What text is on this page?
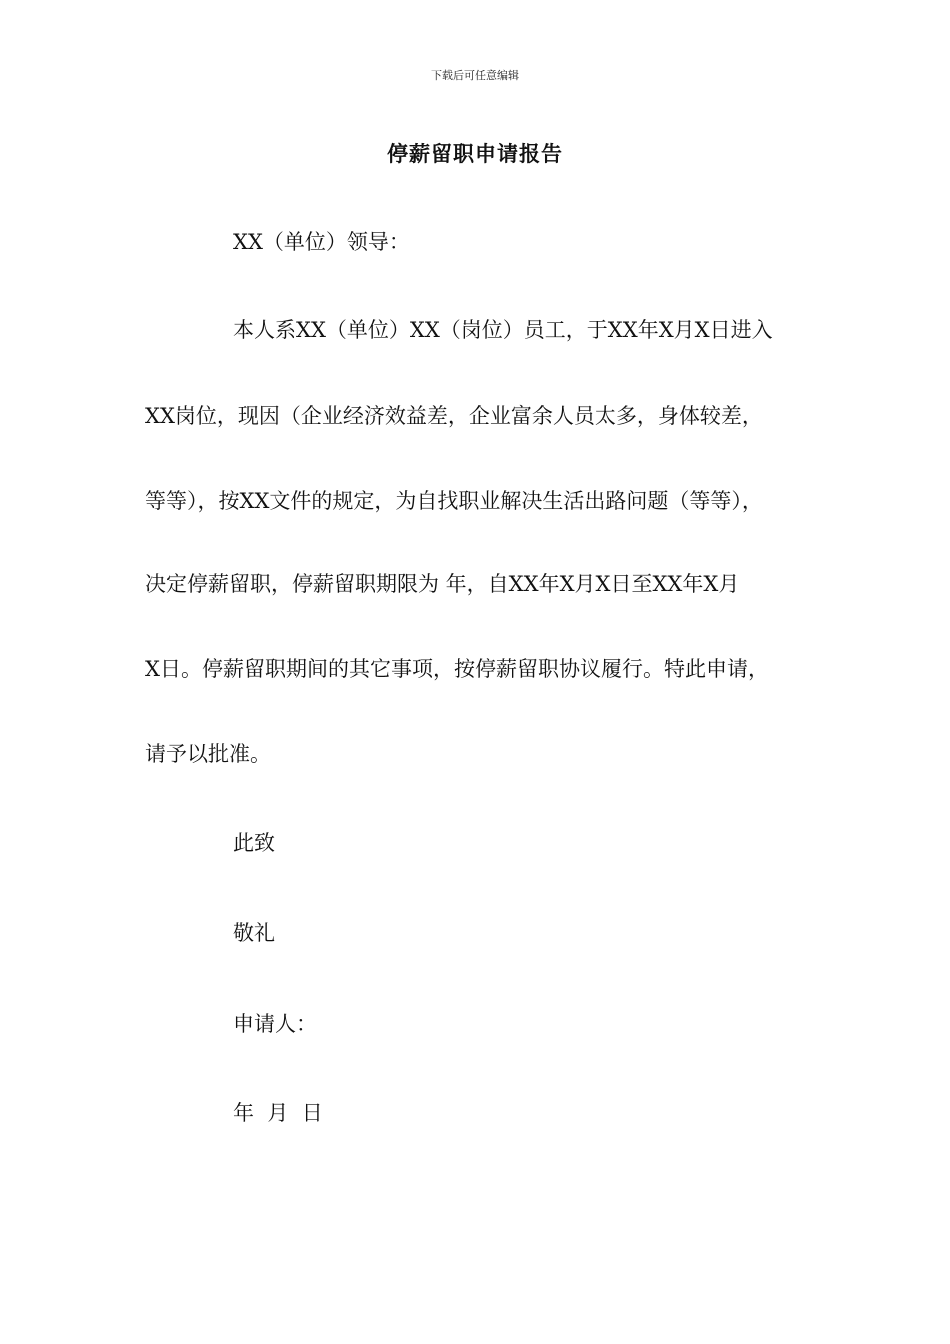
下载后可任意编辑
停薪留职申请报告
XX（单位）领导：
本人系XX（单位）XX（岗位）员工，于XX年X月X日进入
XX岗位，现因（企业经济效益差，企业富余人员太多，身体较差，
等等），按XX文件的规定，为自找职业解决生活出路问题（等等），
决定停薪留职，停薪留职期限为 年，自XX年X月X日至XX年X月
X日。停薪留职期间的其它事项，按停薪留职协议履行。特此申请，
请予以批准。
此致
敬礼
申请人：
年  月  日
